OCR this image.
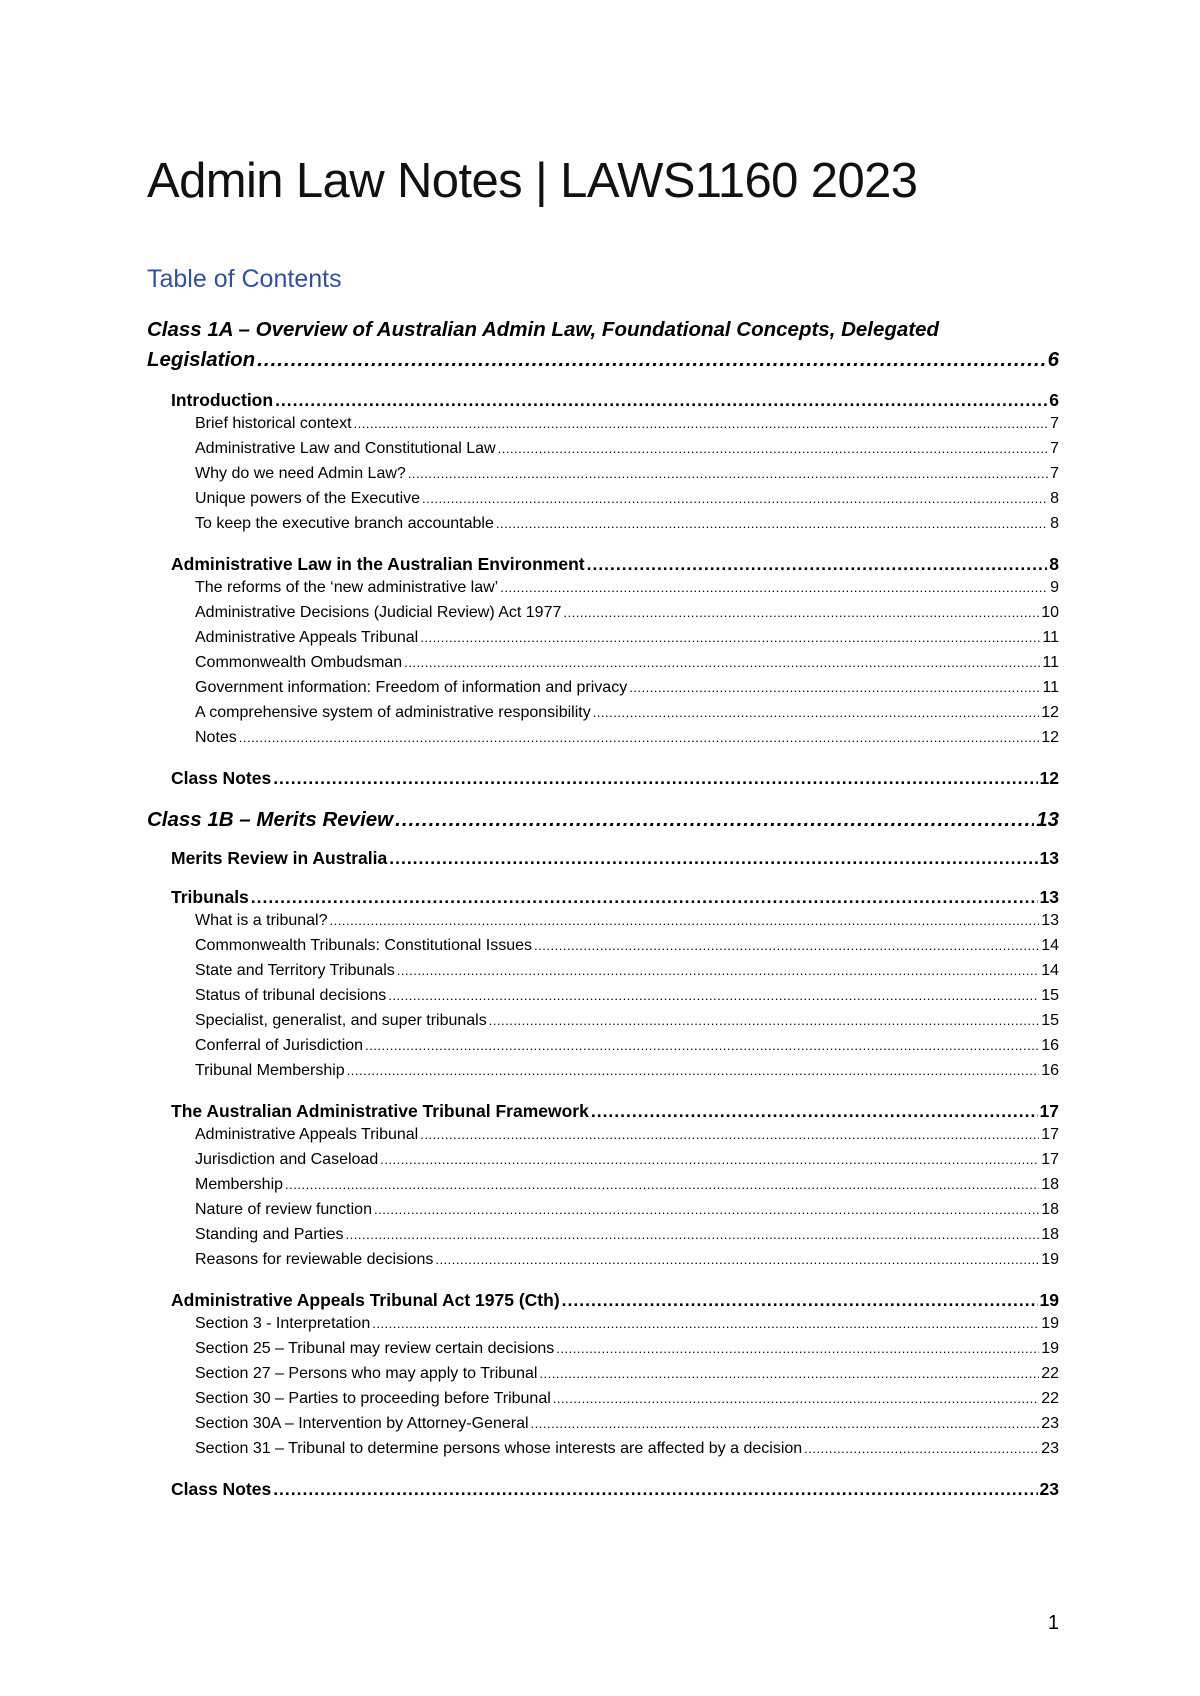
Admin Law Notes | LAWS1160 2023
Table of Contents
Class 1A – Overview of Australian Admin Law, Foundational Concepts, Delegated
Legislation .....	6
Introduction .....	6
Brief historical context .....	7
Administrative Law and Constitutional Law .....	7
Why do we need Admin Law? .....	7
Unique powers of the Executive .....	8
To keep the executive branch accountable .....	8
Administrative Law in the Australian Environment .....	8
The reforms of the ‘new administrative law’ .....	9
Administrative Decisions (Judicial Review) Act 1977 .....	10
Administrative Appeals Tribunal .....	11
Commonwealth Ombudsman .....	11
Government information: Freedom of information and privacy .....	11
A comprehensive system of administrative responsibility .....	12
Notes .....	12
Class Notes .....	12
Class 1B – Merits Review .....	13
Merits Review in Australia .....	13
Tribunals .....	13
What is a tribunal? .....	13
Commonwealth Tribunals: Constitutional Issues .....	14
State and Territory Tribunals .....	14
Status of tribunal decisions .....	15
Specialist, generalist, and super tribunals .....	15
Conferral of Jurisdiction .....	16
Tribunal Membership .....	16
The Australian Administrative Tribunal Framework .....	17
Administrative Appeals Tribunal .....	17
Jurisdiction and Caseload .....	17
Membership .....	18
Nature of review function .....	18
Standing and Parties .....	18
Reasons for reviewable decisions .....	19
Administrative Appeals Tribunal Act 1975 (Cth) .....	19
Section 3 - Interpretation .....	19
Section 25 – Tribunal may review certain decisions .....	19
Section 27 – Persons who may apply to Tribunal .....	22
Section 30 – Parties to proceeding before Tribunal .....	22
Section 30A – Intervention by Attorney-General .....	23
Section 31 – Tribunal to determine persons whose interests are affected by a decision .....	23
Class Notes .....	23
1
